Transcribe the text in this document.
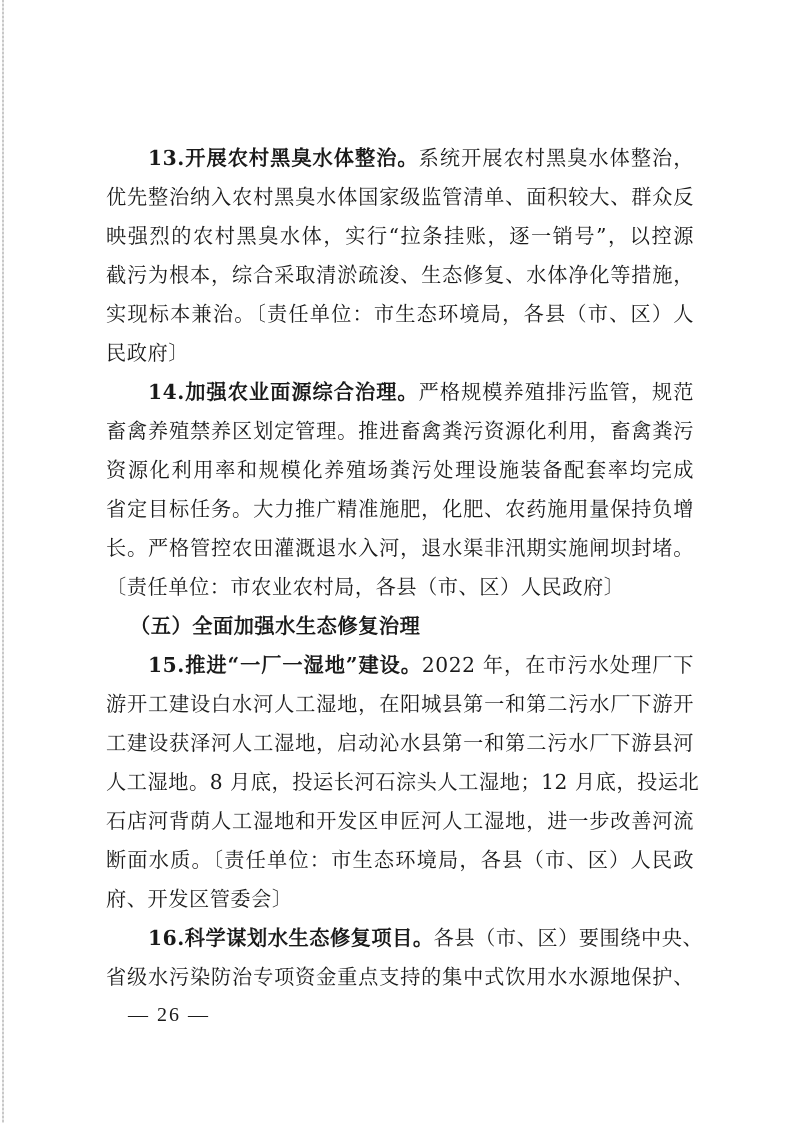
13.开展农村黑臭水体整治。系统开展农村黑臭水体整治，
优先整治纳入农村黑臭水体国家级监管清单、面积较大、群众反
映强烈的农村黑臭水体，实行“拉条挂账，逐一销号”，以控源
截污为根本，综合采取清淤疏浚、生态修复、水体净化等措施，
实现标本兼治。〔责任单位：市生态环境局，各县（市、区）人
民政府〕
14.加强农业面源综合治理。严格规模养殖排污监管，规范
畜禽养殖禁养区划定管理。推进畜禽粪污资源化利用，畜禽粪污
资源化利用率和规模化养殖场粪污处理设施装备配套率均完成
省定目标任务。大力推广精准施肥，化肥、农药施用量保持负增
长。严格管控农田灌溉退水入河，退水渠非汛期实施闸坝封堵。
〔责任单位：市农业农村局，各县（市、区）人民政府〕
（五）全面加强水生态修复治理
15.推进“一厂一湿地”建设。2022 年，在市污水处理厂下
游开工建设白水河人工湿地，在阳城县第一和第二污水厂下游开
工建设获泽河人工湿地，启动沁水县第一和第二污水厂下游县河
人工湿地。8 月底，投运长河石淙头人工湿地；12 月底，投运北
石店河背荫人工湿地和开发区申匠河人工湿地，进一步改善河流
断面水质。〔责任单位：市生态环境局，各县（市、区）人民政
府、开发区管委会〕
16.科学谋划水生态修复项目。各县（市、区）要围绕中央、
省级水污染防治专项资金重点支持的集中式饮用水水源地保护、
— 26 —
